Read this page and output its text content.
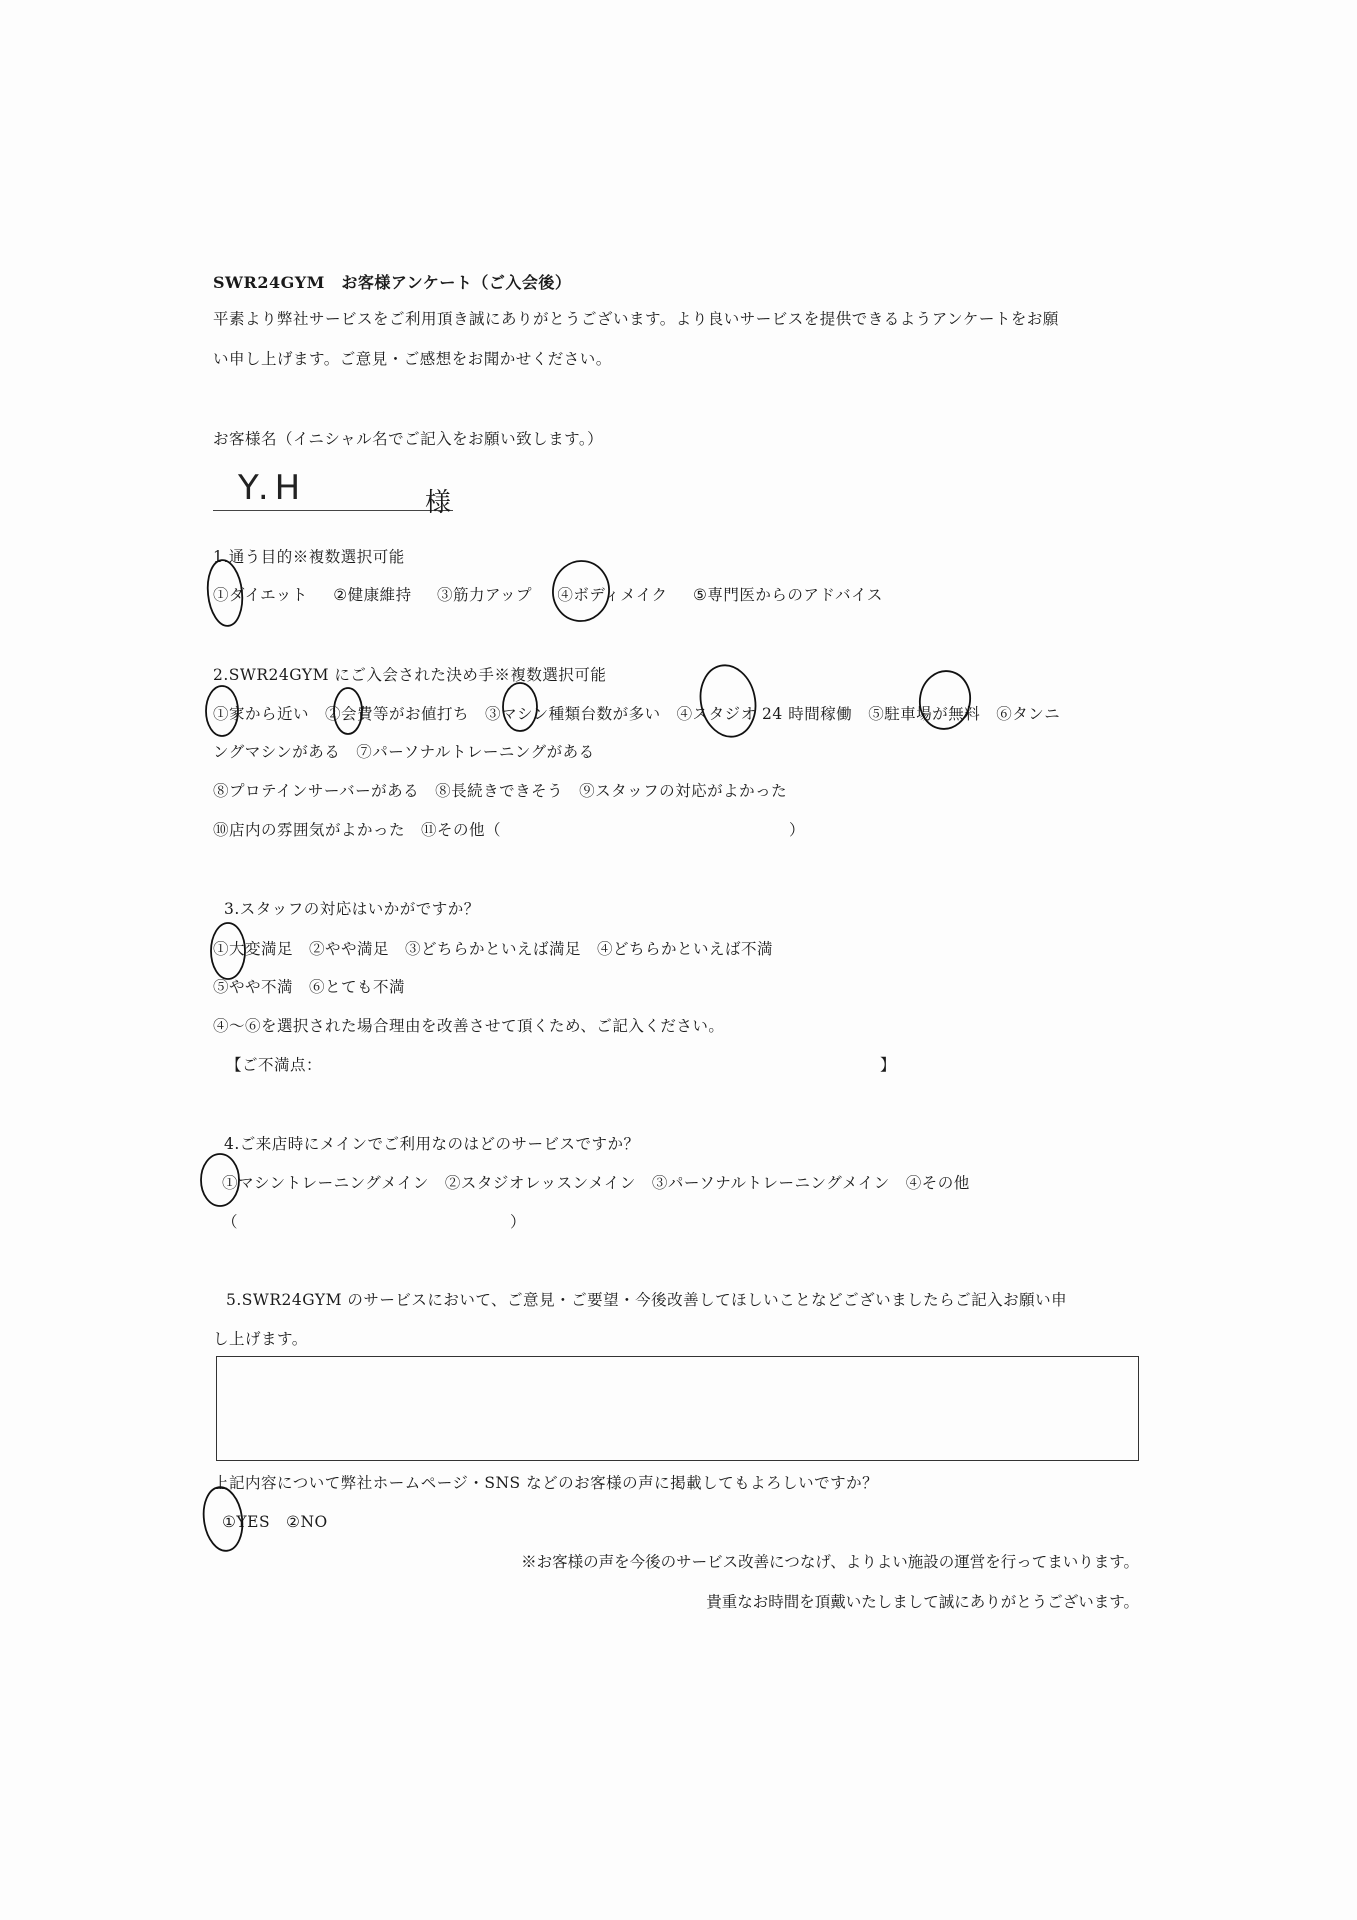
SWR24GYM　お客様アンケート（ご入会後）
平素より弊社サービスをご利用頂き誠にありがとうございます。より良いサービスを提供できるようアンケートをお願
い申し上げます。ご意見・ご感想をお聞かせください。
お客様名（イニシャル名でご記入をお願い致します。）
Y.H	様
1.通う目的※複数選択可能
①ダイエット ②健康維持 ③筋力アップ ④ボディメイク ⑤専門医からのアドバイス
2.SWR24GYM にご入会された決め手※複数選択可能
①家から近い　②会費等がお値打ち　③マシン種類台数が多い　④スタジオ 24 時間稼働　⑤駐車場が無料　⑥タンニ
ングマシンがある　⑦パーソナルトレーニングがある
⑧プロテインサーバーがある　⑧長続きできそう　⑨スタッフの対応がよかった
⑩店内の雰囲気がよかった　⑪その他（　　　　　　　　　　　　　　　　　　）
3.スタッフの対応はいかがですか？
①大変満足　②やや満足　③どちらかといえば満足　④どちらかといえば不満
⑤やや不満　⑥とても不満
④～⑥を選択された場合理由を改善させて頂くため、ご記入ください。
【ご不満点：	】
4.ご来店時にメインでご利用なのはどのサービスですか？
①マシントレーニングメイン　②スタジオレッスンメイン　③パーソナルトレーニングメイン　④その他
（　　　　　　　　　　　　　　　　　）
5.SWR24GYM のサービスにおいて、ご意見・ご要望・今後改善してほしいことなどございましたらご記入お願い申
し上げます。
上記内容について弊社ホームページ・SNS などのお客様の声に掲載してもよろしいですか？
①YES　②NO
※お客様の声を今後のサービス改善につなげ、よりよい施設の運営を行ってまいります。
貴重なお時間を頂戴いたしまして誠にありがとうございます。
